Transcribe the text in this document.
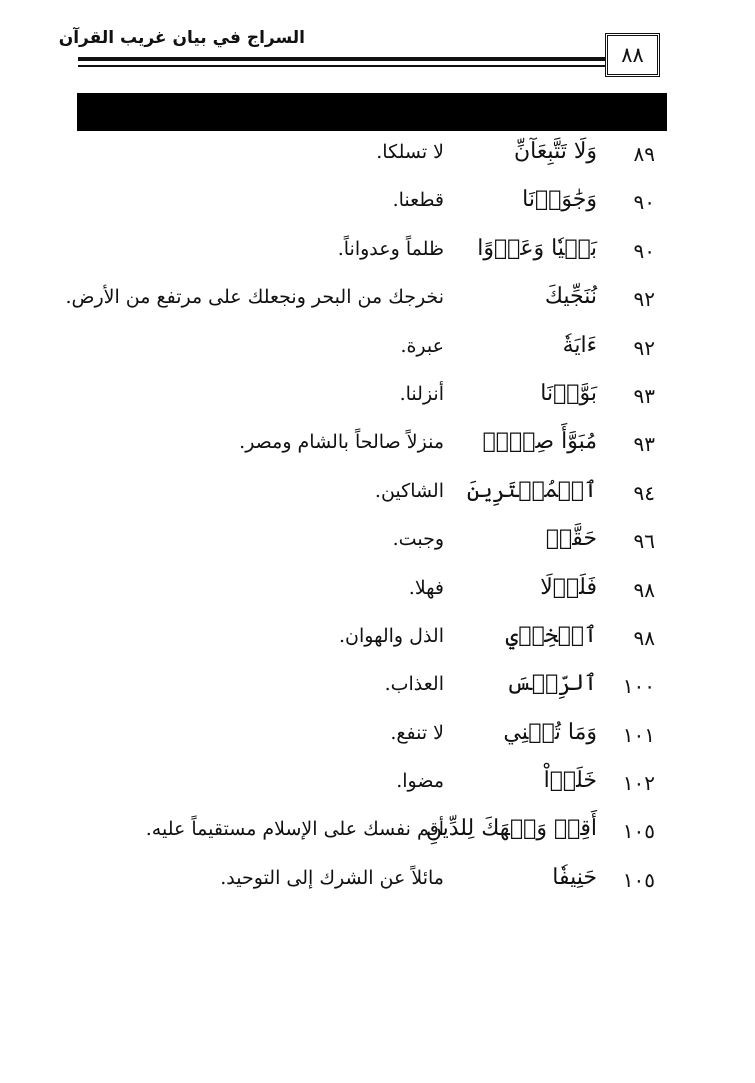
السراج في بيان غريب القرآن
٨٨
٨٩
وَلَا تَتَّبِعَآنِّ
لا تسلكا.
٩٠
وَجَٰوَزۡنَا
قطعنا.
٩٠
بَغۡيٗا وَعَدۡوًا
ظلماً وعدواناً.
٩٢
نُنَجِّيكَ
نخرجك من البحر ونجعلك على مرتفع من الأرض.
٩٢
ءَايَةٗ
عبرة.
٩٣
بَوَّأۡنَا
أنزلنا.
٩٣
مُبَوَّأَ صِدۡقٖ
منزلاً صالحاً بالشام ومصر.
٩٤
ٱلۡمُمۡتَرِينَ
الشاكين.
٩٦
حَقَّتۡ
وجبت.
٩٨
فَلَوۡلَا
فهلا.
٩٨
ٱلۡخِزۡيِ
الذل والهوان.
١٠٠
ٱلرِّجۡسَ
العذاب.
١٠١
وَمَا تُغۡنِي
لا تنفع.
١٠٢
خَلَوۡاْ
مضوا.
١٠٥
أَقِمۡ وَجۡهَكَ لِلدِّينِ
أقم نفسك على الإسلام مستقيماً عليه.
١٠٥
حَنِيفٗا
مائلاً عن الشرك إلى التوحيد.
